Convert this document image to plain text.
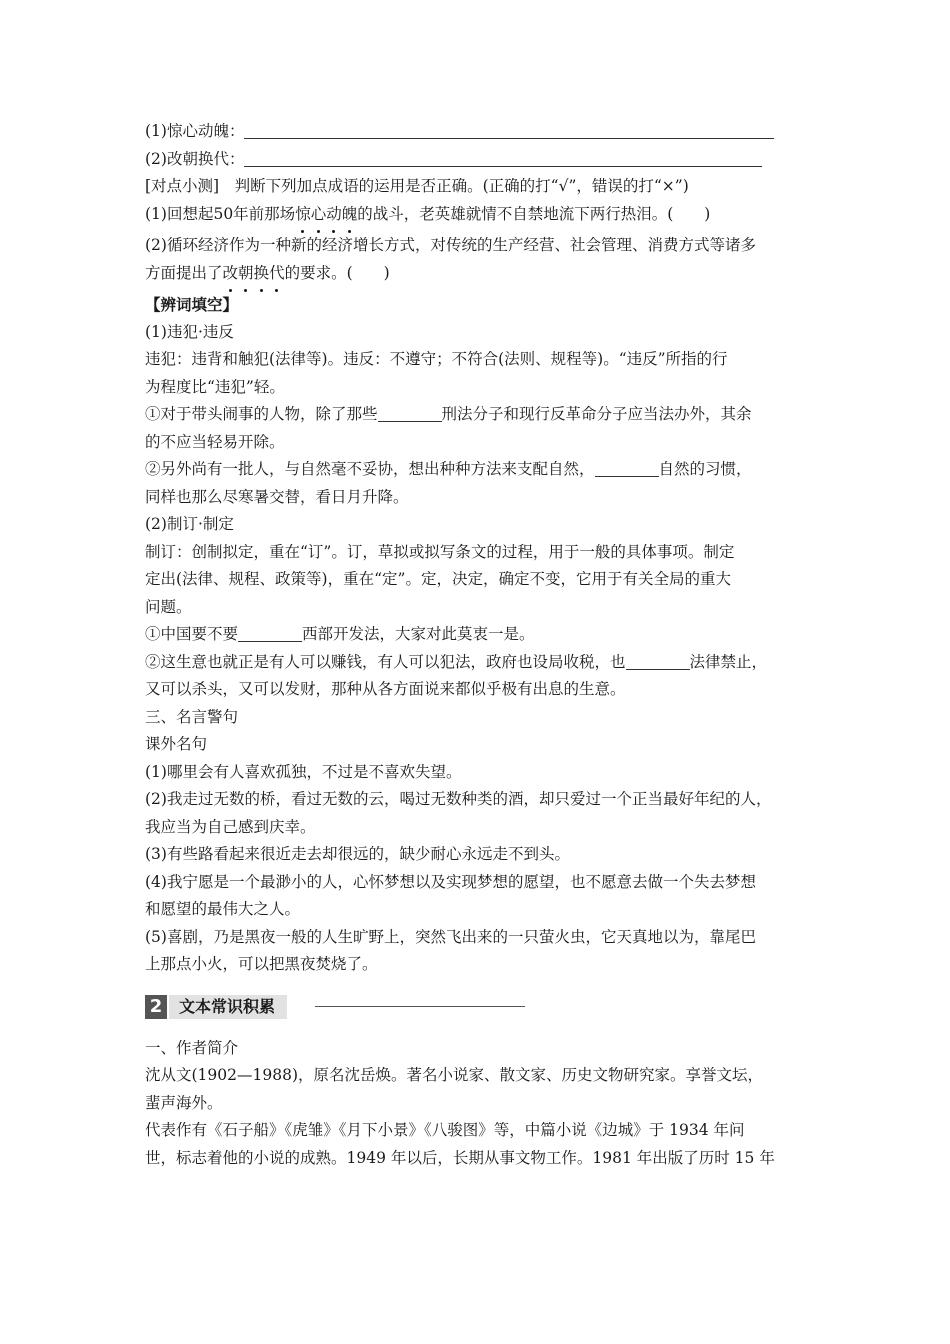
(1)惊心动魄：
(2)改朝换代：
[对点小测]　判断下列加点成语的运用是否正确。(正确的打“√”，错误的打“×”)
(1)回想起50年前那场惊心动魄的战斗，老英雄就情不自禁地流下两行热泪。(　　)
(2)循环经济作为一种新的经济增长方式，对传统的生产经营、社会管理、消费方式等诸多
方面提出了改朝换代的要求。(　　)
【辨词填空】
(1)违犯·违反
违犯：违背和触犯(法律等)。违反：不遵守；不符合(法则、规程等)。“违反”所指的行
为程度比“违犯”轻。
①对于带头闹事的人物，除了那些	刑法分子和现行反革命分子应当法办外，其余
的不应当轻易开除。
②另外尚有一批人，与自然毫不妥协，想出种种方法来支配自然，	自然的习惯，
同样也那么尽寒暑交替，看日月升降。
(2)制订·制定
制订：创制拟定，重在“订”。订，草拟或拟写条文的过程，用于一般的具体事项。制定
定出(法律、规程、政策等)，重在“定”。定，决定，确定不变，它用于有关全局的重大
问题。
①中国要不要	西部开发法，大家对此莫衷一是。
②这生意也就正是有人可以赚钱，有人可以犯法，政府也设局收税，也	法律禁止，
又可以杀头，又可以发财，那种从各方面说来都似乎极有出息的生意。
三、名言警句
课外名句
(1)哪里会有人喜欢孤独，不过是不喜欢失望。
(2)我走过无数的桥，看过无数的云，喝过无数种类的酒，却只爱过一个正当最好年纪的人，
我应当为自己感到庆幸。
(3)有些路看起来很近走去却很远的，缺少耐心永远走不到头。
(4)我宁愿是一个最渺小的人，心怀梦想以及实现梦想的愿望，也不愿意去做一个失去梦想
和愿望的最伟大之人。
(5)喜剧，乃是黑夜一般的人生旷野上，突然飞出来的一只萤火虫，它天真地以为，靠尾巴
上那点小火，可以把黑夜焚烧了。
2	文本常识积累
一、作者简介
沈从文(1902—1988)，原名沈岳焕。著名小说家、散文家、历史文物研究家。享誉文坛，
蜚声海外。
代表作有《石子船》《虎雏》《月下小景》《八骏图》等，中篇小说《边城》于 1934 年问
世，标志着他的小说的成熟。1949 年以后，长期从事文物工作。1981 年出版了历时 15 年
